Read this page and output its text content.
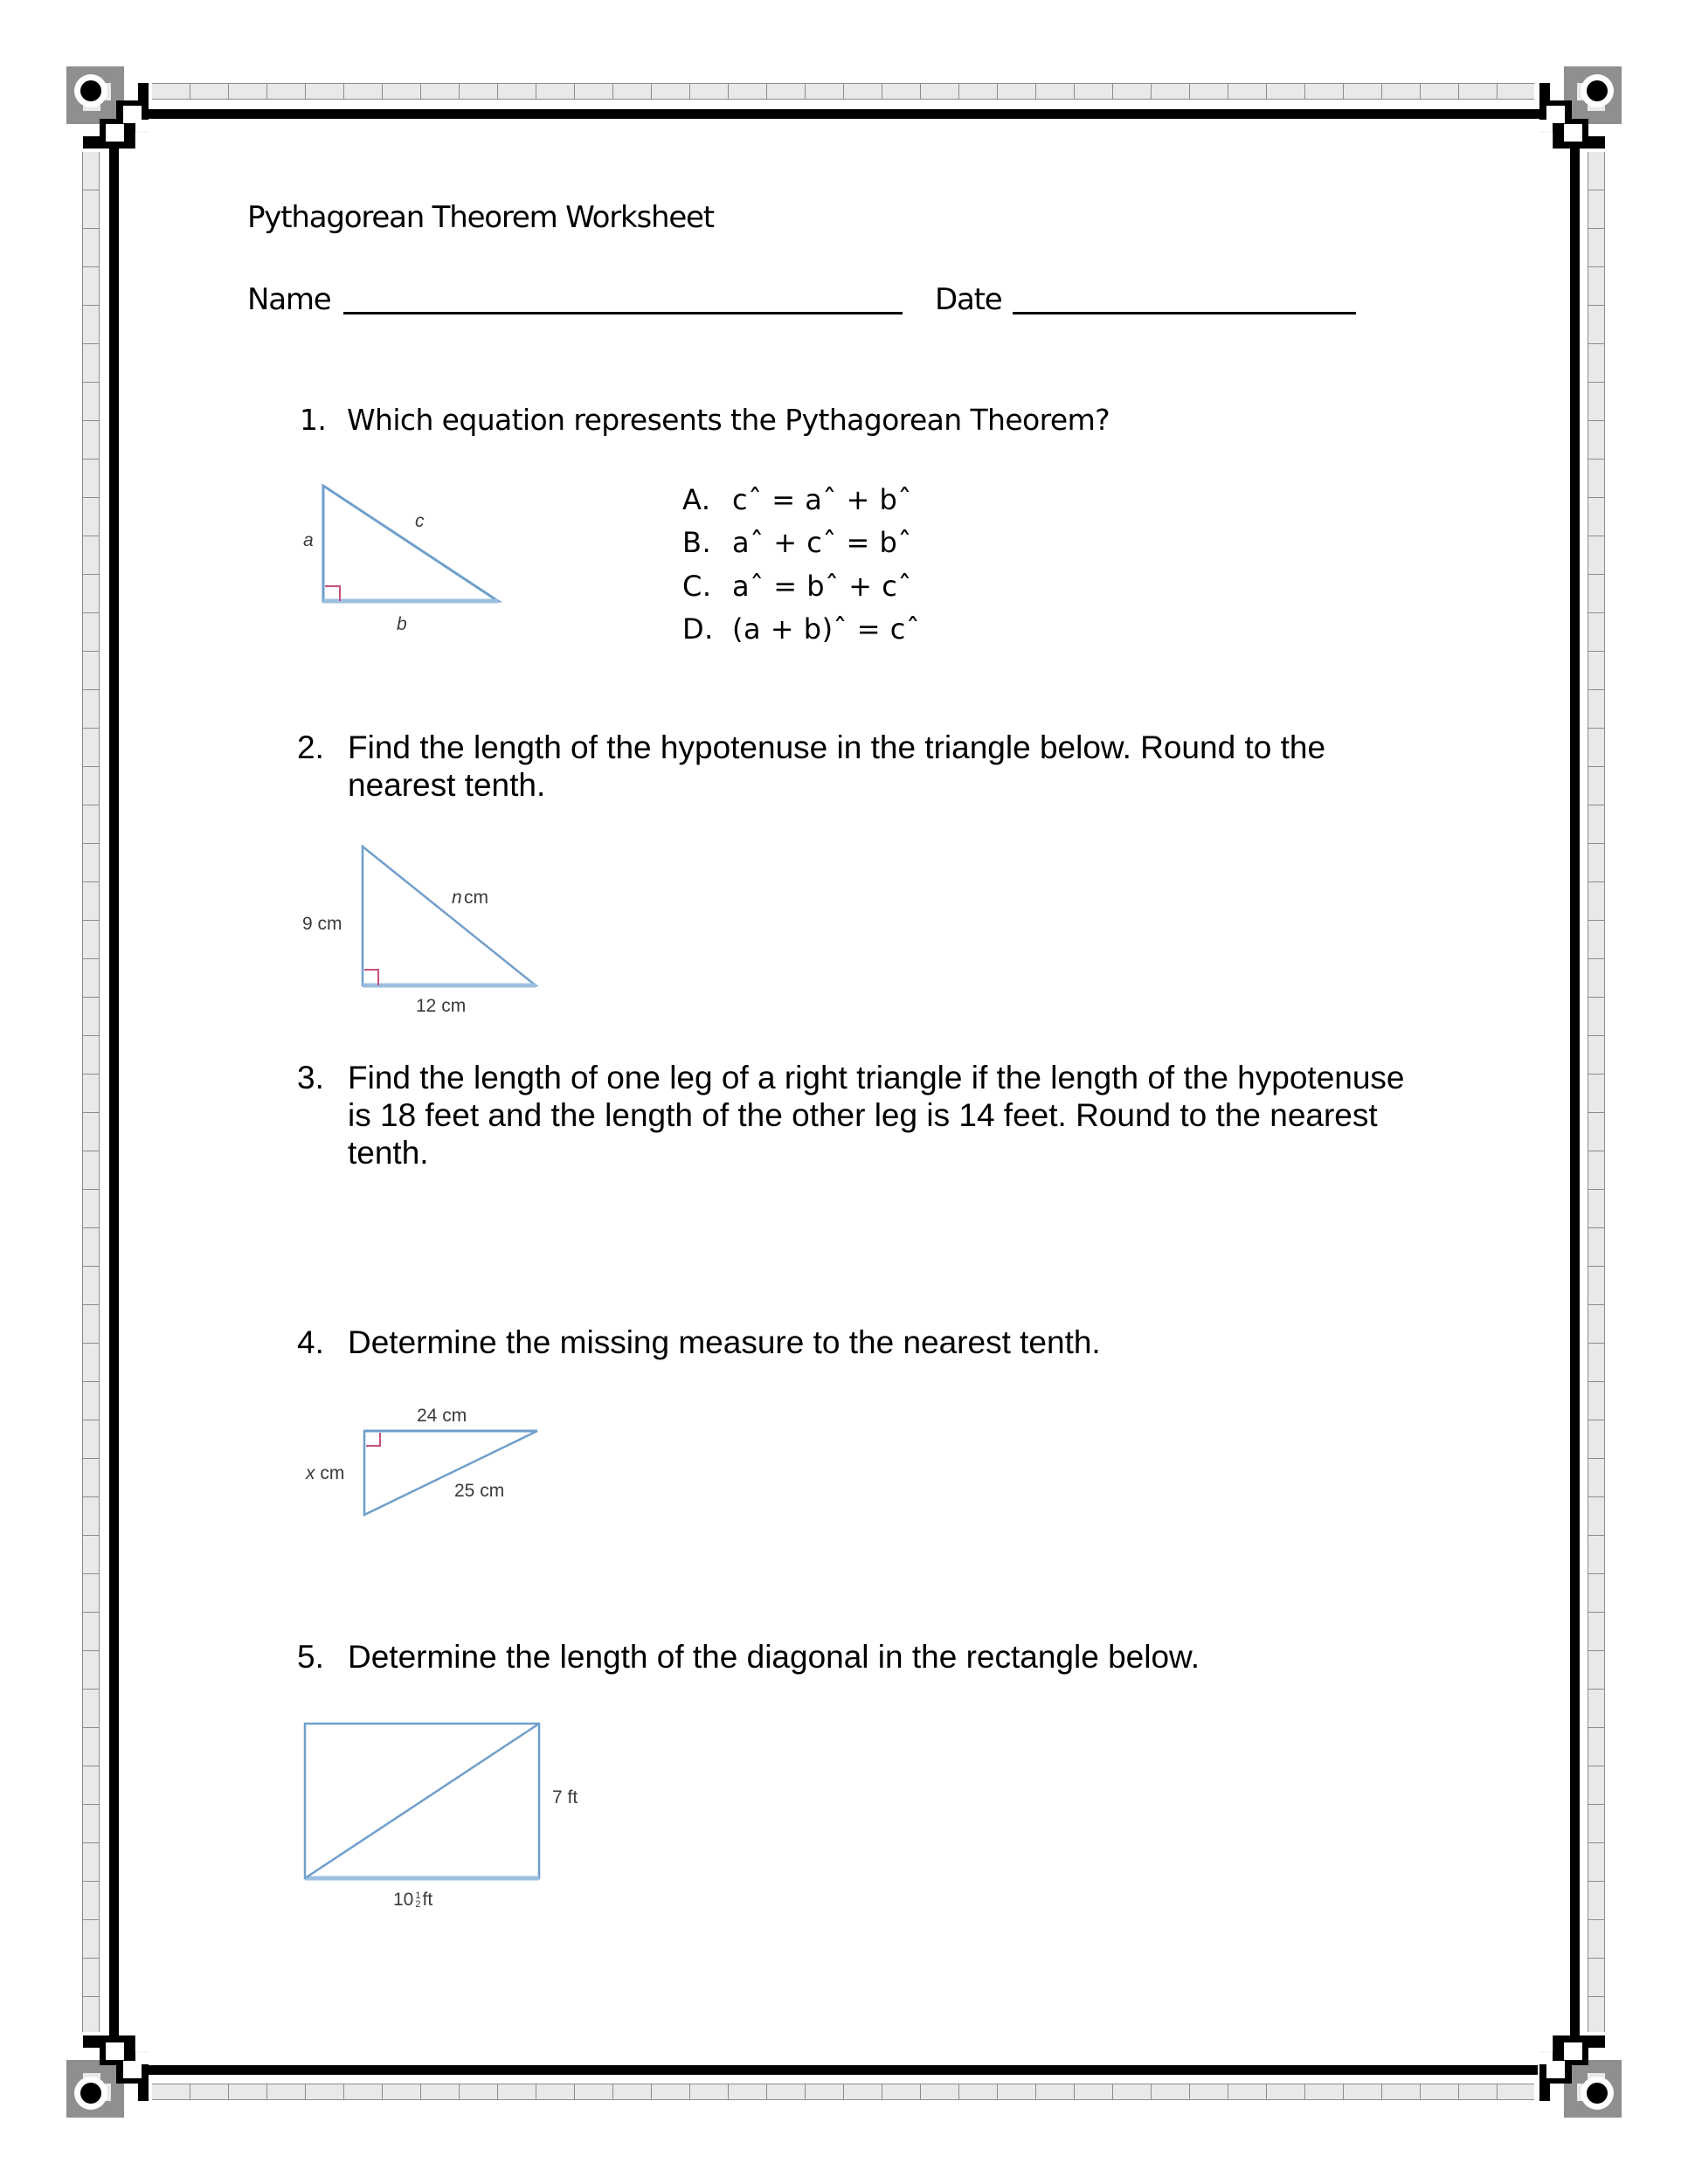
Pythagorean Theorem Worksheet
Name	Date
1. Which equation represents the Pythagorean Theorem?
a
c
b
A. cˆ = aˆ + bˆ
B. aˆ + cˆ = bˆ
C. aˆ = bˆ + cˆ
D. (a + b)ˆ = cˆ
2. Find the length of the hypotenuse in the triangle below. Round to the
nearest tenth.
n cm
9 cm
12 cm
3. Find the length of one leg of a right triangle if the length of the hypotenuse
is 18 feet and the length of the other leg is 14 feet. Round to the nearest
tenth.
4. Determine the missing measure to the nearest tenth.
24 cm
x cm
25 cm
5. Determine the length of the diagonal in the rectangle below.
7 ft
10 1
2 ft
